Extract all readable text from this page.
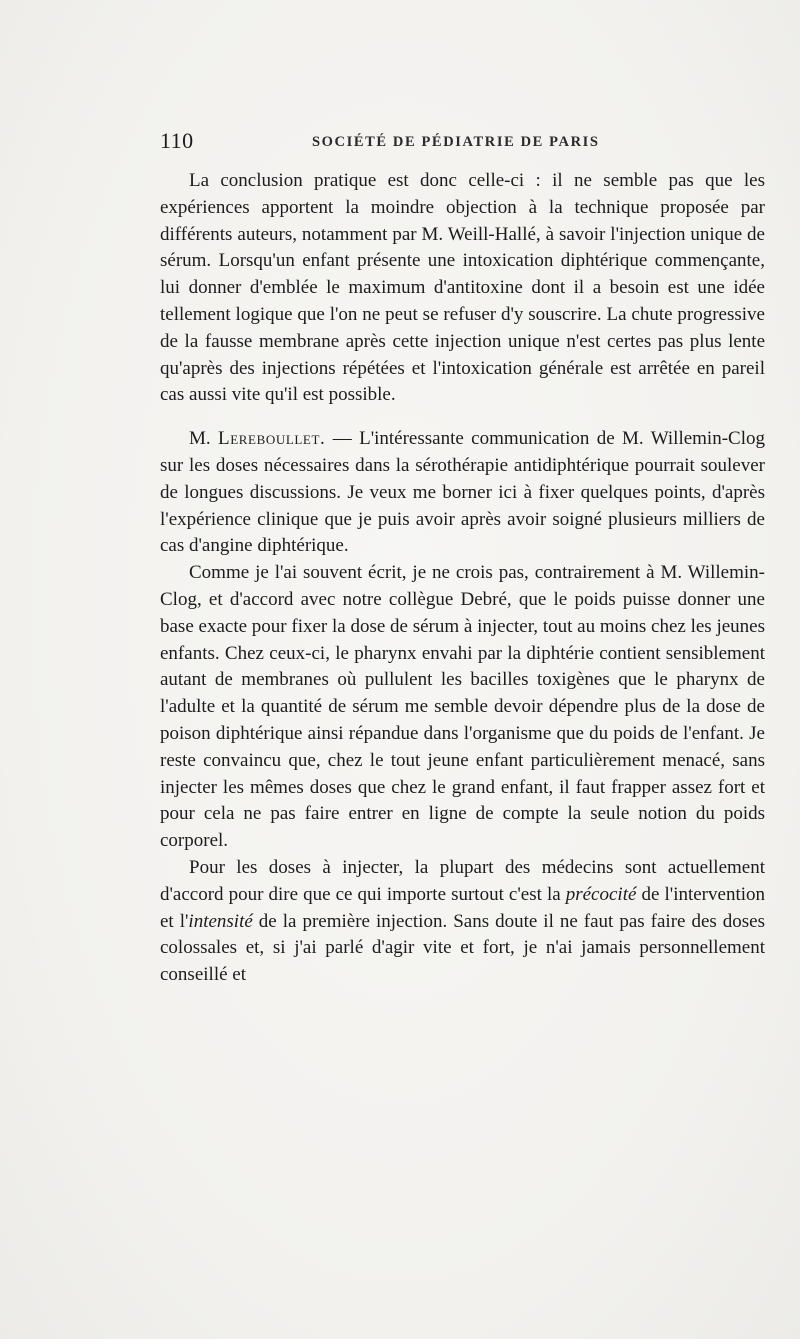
110	SOCIÉTÉ DE PÉDIATRIE DE PARIS

La conclusion pratique est donc celle-ci : il ne semble pas que les expériences apportent la moindre objection à la technique proposée par différents auteurs, notamment par M. Weill-Hallé, à savoir l'injection unique de sérum. Lorsqu'un enfant présente une intoxication diphtérique commençante, lui donner d'emblée le maximum d'antitoxine dont il a besoin est une idée tellement logique que l'on ne peut se refuser d'y souscrire. La chute progressive de la fausse membrane après cette injection unique n'est certes pas plus lente qu'après des injections répétées et l'intoxication générale est arrêtée en pareil cas aussi vite qu'il est possible.

M. Lereboullet. — L'intéressante communication de M. Willemin-Clog sur les doses nécessaires dans la sérothérapie antidiphtérique pourrait soulever de longues discussions. Je veux me borner ici à fixer quelques points, d'après l'expérience clinique que je puis avoir après avoir soigné plusieurs milliers de cas d'angine diphtérique.

Comme je l'ai souvent écrit, je ne crois pas, contrairement à M. Willemin-Clog, et d'accord avec notre collègue Debré, que le poids puisse donner une base exacte pour fixer la dose de sérum à injecter, tout au moins chez les jeunes enfants. Chez ceux-ci, le pharynx envahi par la diphtérie contient sensiblement autant de membranes où pullulent les bacilles toxigènes que le pharynx de l'adulte et la quantité de sérum me semble devoir dépendre plus de la dose de poison diphtérique ainsi répandue dans l'organisme que du poids de l'enfant. Je reste convaincu que, chez le tout jeune enfant particulièrement menacé, sans injecter les mêmes doses que chez le grand enfant, il faut frapper assez fort et pour cela ne pas faire entrer en ligne de compte la seule notion du poids corporel.

Pour les doses à injecter, la plupart des médecins sont actuellement d'accord pour dire que ce qui importe surtout c'est la précocité de l'intervention et l'intensité de la première injection. Sans doute il ne faut pas faire des doses colossales et, si j'ai parlé d'agir vite et fort, je n'ai jamais personnellement conseillé et
